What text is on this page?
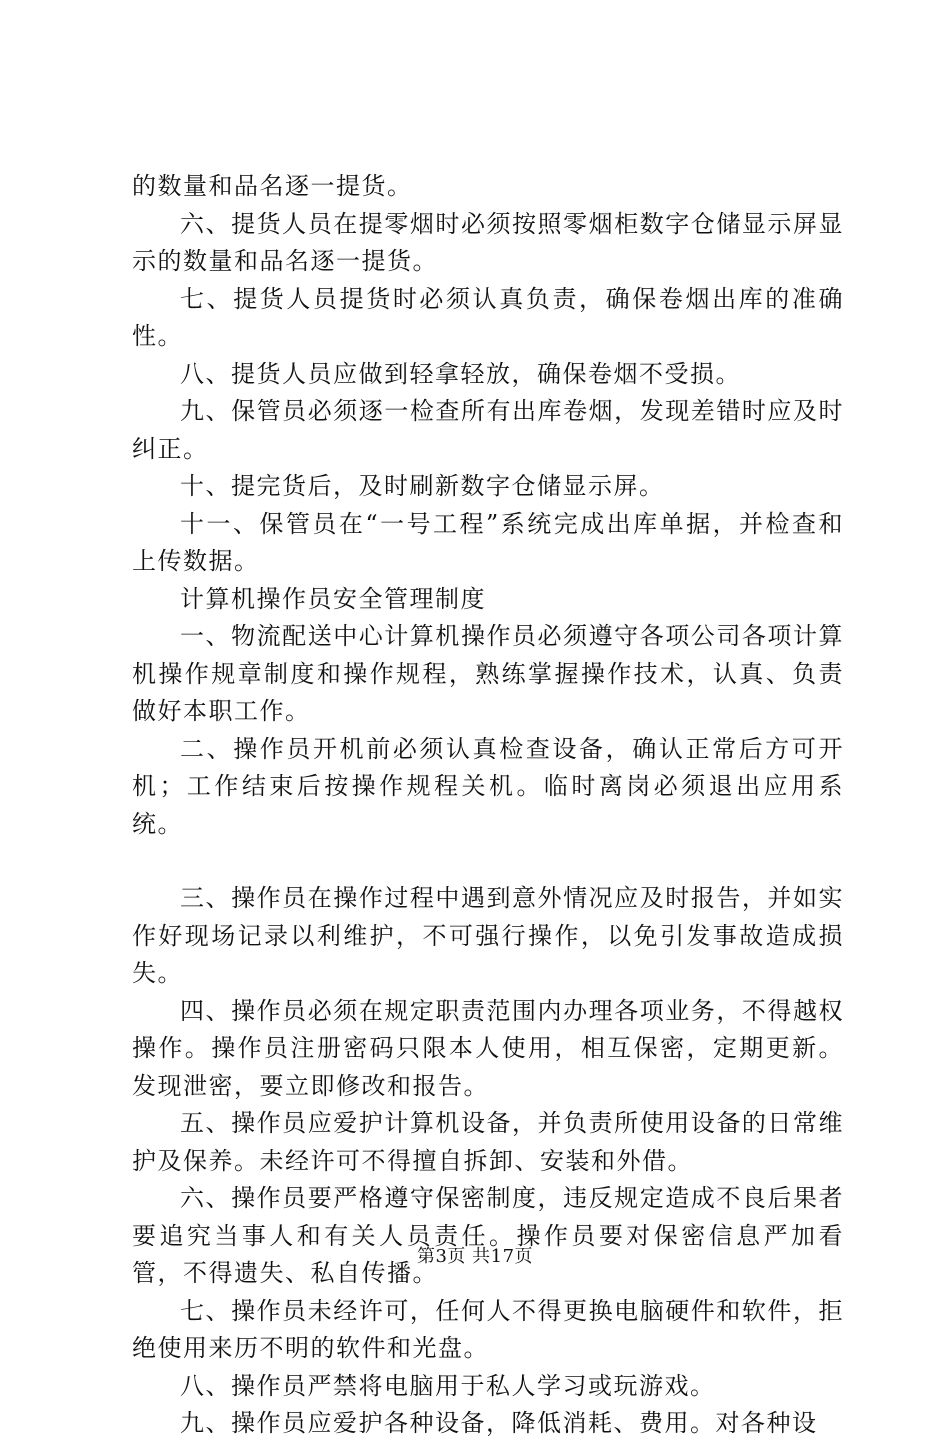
的数量和品名逐一提货。

六、提货人员在提零烟时必须按照零烟柜数字仓储显示屏显示的数量和品名逐一提货。

七、提货人员提货时必须认真负责，确保卷烟出库的准确性。

八、提货人员应做到轻拿轻放，确保卷烟不受损。

九、保管员必须逐一检查所有出库卷烟，发现差错时应及时纠正。

十、提完货后，及时刷新数字仓储显示屏。

十一、保管员在“一号工程”系统完成出库单据，并检查和上传数据。

计算机操作员安全管理制度

一、物流配送中心计算机操作员必须遵守各项公司各项计算机操作规章制度和操作规程，熟练掌握操作技术，认真、负责做好本职工作。

二、操作员开机前必须认真检查设备，确认正常后方可开机；工作结束后按操作规程关机。临时离岗必须退出应用系统。

三、操作员在操作过程中遇到意外情况应及时报告，并如实作好现场记录以利维护，不可强行操作，以免引发事故造成损失。

四、操作员必须在规定职责范围内办理各项业务，不得越权操作。操作员注册密码只限本人使用，相互保密，定期更新。发现泄密，要立即修改和报告。

五、操作员应爱护计算机设备，并负责所使用设备的日常维护及保养。未经许可不得擅自拆卸、安装和外借。

六、操作员要严格遵守保密制度，违反规定造成不良后果者要追究当事人和有关人员责任。操作员要对保密信息严加看管，不得遗失、私自传播。

七、操作员未经许可，任何人不得更换电脑硬件和软件，拒绝使用来历不明的软件和光盘。

八、操作员严禁将电脑用于私人学习或玩游戏。

九、操作员应爱护各种设备，降低消耗、费用。对各种设

第3页 共17页
